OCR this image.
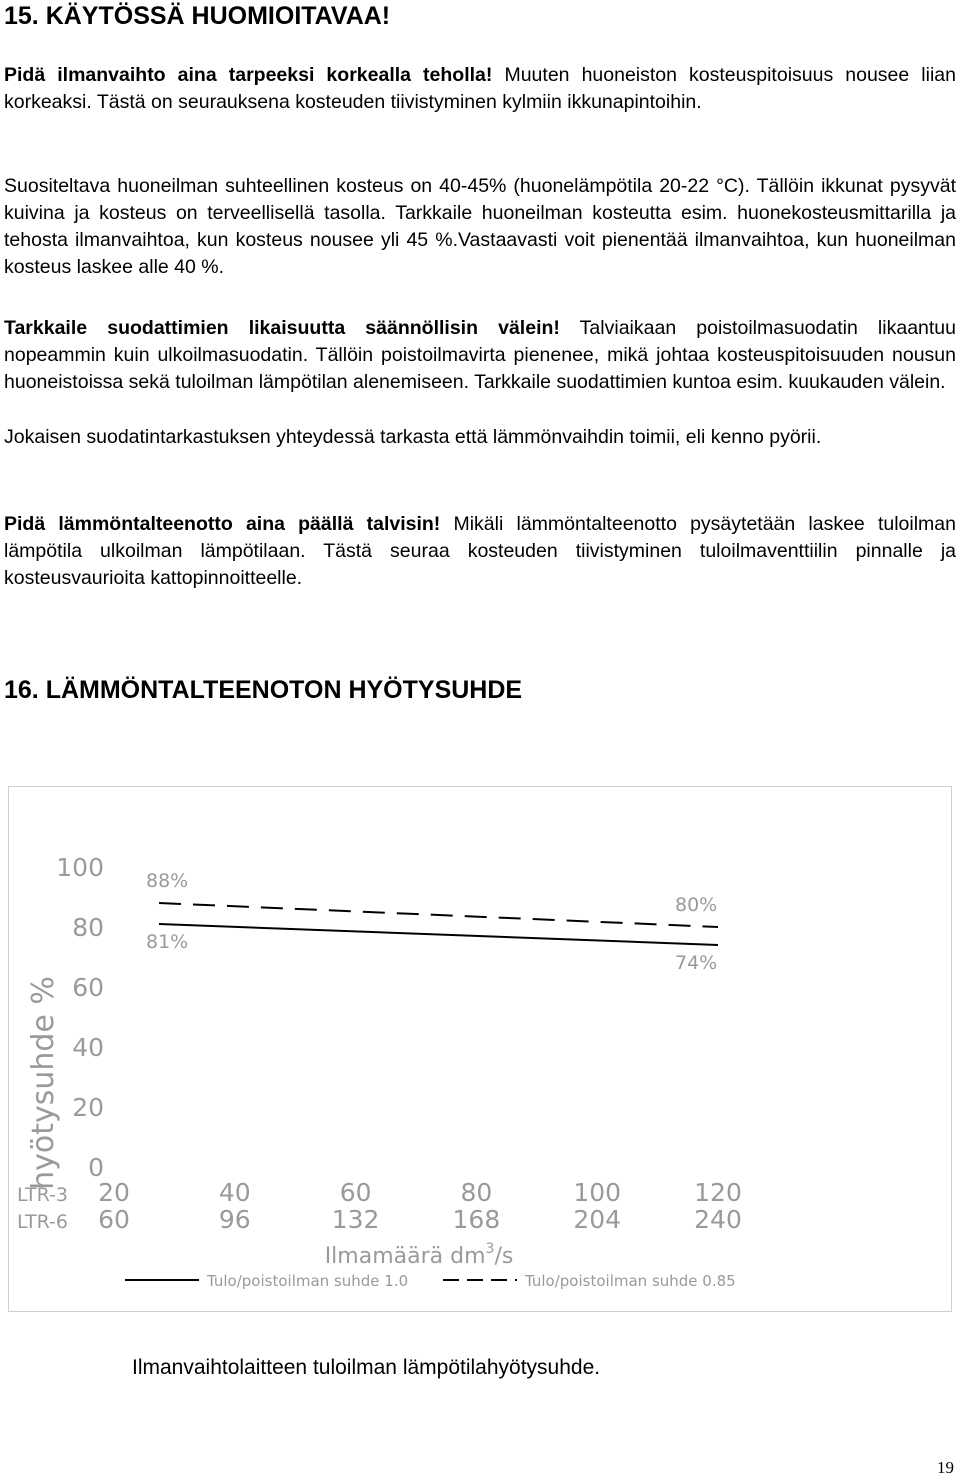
15. KÄYTÖSSÄ HUOMIOITAVAA!

Pidä ilmanvaihto aina tarpeeksi korkealla teholla! Muuten huoneiston kosteuspitoisuus nousee liian korkeaksi. Tästä on seurauksena kosteuden tiivistyminen kylmiin ikkunapintoihin.

Suositeltava huoneilman suhteellinen kosteus on 40-45% (huonelämpötila 20-22 °C). Tällöin ikkunat pysyvät kuivina ja kosteus on terveellisellä tasolla. Tarkkaile huoneilman kosteutta esim. huonekosteusmittarilla ja tehosta ilmanvaihtoa, kun kosteus nousee yli 45 %.Vastaavasti voit pienentää ilmanvaihtoa, kun huoneilman kosteus laskee alle 40 %.

Tarkkaile suodattimien likaisuutta säännöllisin välein! Talviaikaan poistoilmasuodatin likaantuu nopeammin kuin ulkoilmasuodatin. Tällöin poistoilmavirta pienenee, mikä johtaa kosteuspitoisuuden nousun huoneistoissa sekä tuloilman lämpötilan alenemiseen. Tarkkaile suodattimien kuntoa esim. kuukauden välein.

Jokaisen suodatintarkastuksen yhteydessä tarkasta että lämmönvaihdin toimii, eli kenno pyörii.

Pidä lämmöntalteenotto aina päällä talvisin! Mikäli lämmöntalteenotto pysäytetään laskee tuloilman lämpötila ulkoilman lämpötilaan. Tästä seuraa kosteuden tiivistyminen tuloilmaventtiilin pinnalle ja kosteusvaurioita kattopinnoitteelle.

16. LÄMMÖNTALTEENOTON HYÖTYSUHDE
100
80
60
40
20
0
LTR-3 20	40	60	80	100	120
LTR-6 60	96	132	168	204	240
81%
74%
88%
80%
hyötysuhde %
Ilmamäärä $dm^3/s$
Tulo/poistoilman suhde 1.0	Tulo/poistoilman suhde 0.85

Ilmanvaihtolaitteen tuloilman lämpötilahyötysuhde.

19
